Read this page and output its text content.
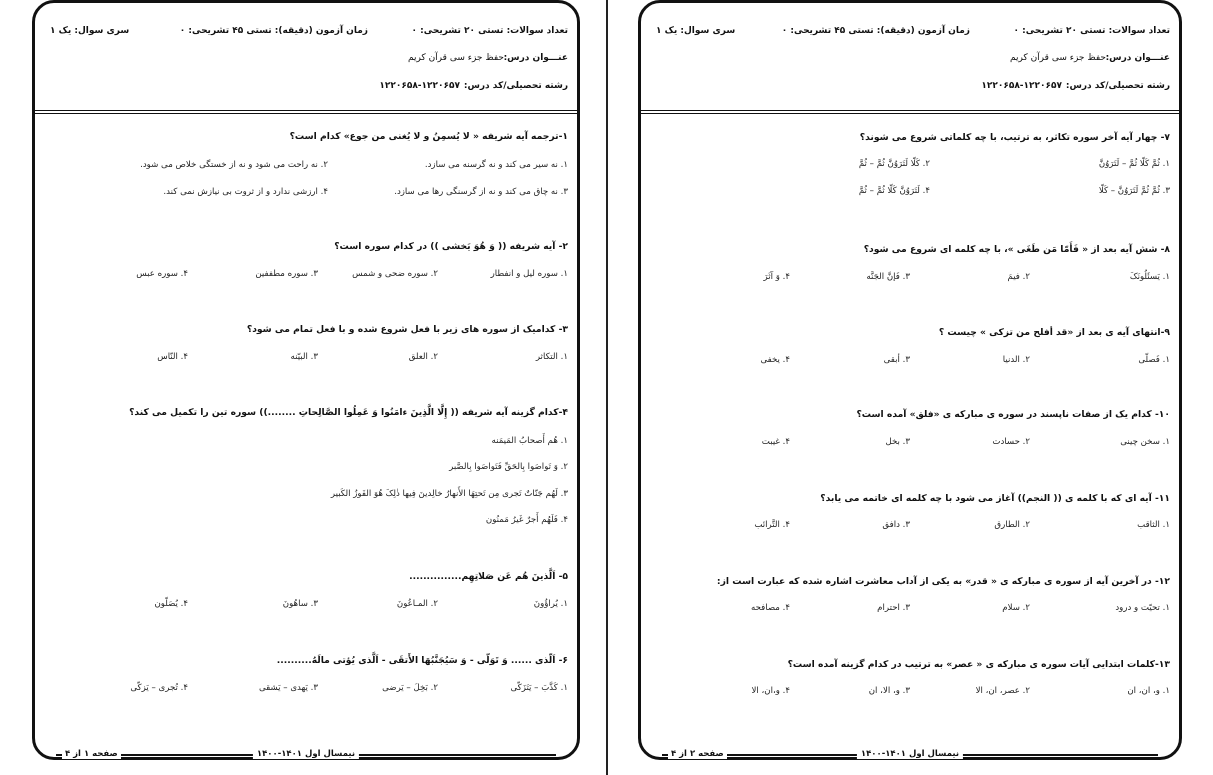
تعداد سوالات: تستی ۲۰ تشریحی: ۰
زمان آزمون (دقیقه): تستی ۴۵ تشریحی: ۰
سری سوال: یک ۱
عنـــوان درس:
حفظ جزء سی قرآن کریم
رشته تحصیلی/کد درس:
۱۲۲۰۶۵۸-۱۲۲۰۶۵۷
۱-ترجمه آیه شریفه « لا یُسمِنُ و لا یُغنی من جوع» کدام است؟
۱. نه سیر می کند و نه گرسنه می سازد.
۲. نه راحت می شود و نه از خستگی خلاص می شود.
۳. نه چاق می کند و نه از گرسنگی رها می سازد.
۴. ارزشی ندارد و از ثروت بی نیازش نمی کند.
۲- آیه شریفه (( وَ هُوَ یَخشی )) در کدام سوره است؟
۱. سوره لیل و انفطار
۲. سوره ضحی و شمس
۳. سوره مطففین
۴. سوره عبس
۳- کدامیک از سوره های زیر با فعل شروع شده و با فعل تمام می شود؟
۱. التکاثر
۲. العلق
۳. البیّنه
۴. النّاس
۴-کدام گزینه آیه شریفه (( إِلَّا الَّذِینَ ءامَنُوا وَ عَمِلُوا الصَّالِحاتِ ........)) سوره تین را تکمیل می کند؟
۱. هُم أَصحابُ المَیمَنه
۲. وَ تَواصَوا بِالحَقِّ فَتَواصَوا بِالصَّبر
۳. لَهُم جَنّاتٌ تَجری مِن تَحتِهَا الأَنهارُ خالِدینَ فِیها ذٰلِکَ هُوَ الفَوزُ الکَبیر
۴. فَلَهُم أَجرٌ غَیرُ مَمنُون
۵- اَلَّذینَ هُم عَن صَلاتِهِم...............
۱. یُراؤُونَ
۲. المـاعُونَ
۳. ساهُونَ
۴. یُصَلّون
۶- اَلّذی ...... وَ تَوَلّی - وَ سَیُجَنَّبُهَا الأَتقَی - اَلَّذی یُؤتی مالَهُ..........
۱. کَذَّبَ – یَتَزَکّی
۲. بَخِلَ – یَرضی
۳. یَهدی – یَشقی
۴. تُجری – یَزکّی
نیمسال اول ۱۴۰۱-۱۴۰۰
صفحه ۱ از ۴
تعداد سوالات: تستی ۲۰ تشریحی: ۰
زمان آزمون (دقیقه): تستی ۴۵ تشریحی: ۰
سری سوال: یک ۱
عنـــوان درس:
حفظ جزء سی قرآن کریم
رشته تحصیلی/کد درس:
۱۲۲۰۶۵۸-۱۲۲۰۶۵۷
۷- چهار آیه آخر سوره تکاثر، به ترتیب، با چه کلماتی شروع می شوند؟
۱. ثُمَّ کَلّا ثُمَّ – لَتَرَوُنَّ
۲. کَلّا لَتَرَوُنَّ ثُمَّ – ثُمَّ
۳. ثُمَّ ثُمَّ لَتَرَوُنَّ – کَلّا
۴. لَتَرَوُنَّ کَلّا ثُمَّ – ثُمَّ
۸- شش آیه بعد از « فَأَمّا مَن طَغَی »، با چه کلمه ای شروع می شود؟
۱. یَسئَلُونَکَ
۲. فیمَ
۳. فَإنَّ الجَنَّه
۴. وَ آثَرَ
۹-انتهای آیه ی بعد از «قد أفلح من تزکی » چیست ؟
۱. فَصلّی
۲. الدنیا
۳. أبقی
۴. یخفی
۱۰- کدام یک از صفات ناپسند در سوره ی مبارکه ی «فلق» آمده است؟
۱. سخن چینی
۲. حسادت
۳. بخل
۴. غیبت
۱۱- آیه ای که با کلمه ی (( النجم)) آغاز می شود با چه کلمه ای خاتمه می یابد؟
۱. الثاقب
۲. الطارق
۳. دافق
۴. التَّرائب
۱۲- در آخرین آیه از سوره ی مبارکه ی « قدر» به یکی از آداب معاشرت اشاره شده که عبارت است از:
۱. تحیّت و درود
۲. سلام
۳. احترام
۴. مصافحه
۱۳-کلمات ابتدایی آیات سوره ی مبارکه ی « عصر» به ترتیب در کدام گزینه آمده است؟
۱. و، ان، ان
۲. عصر، ان، الا
۳. و، الا، ان
۴. و،ان، الا
نیمسال اول ۱۴۰۱-۱۴۰۰
صفحه ۲ از ۴
